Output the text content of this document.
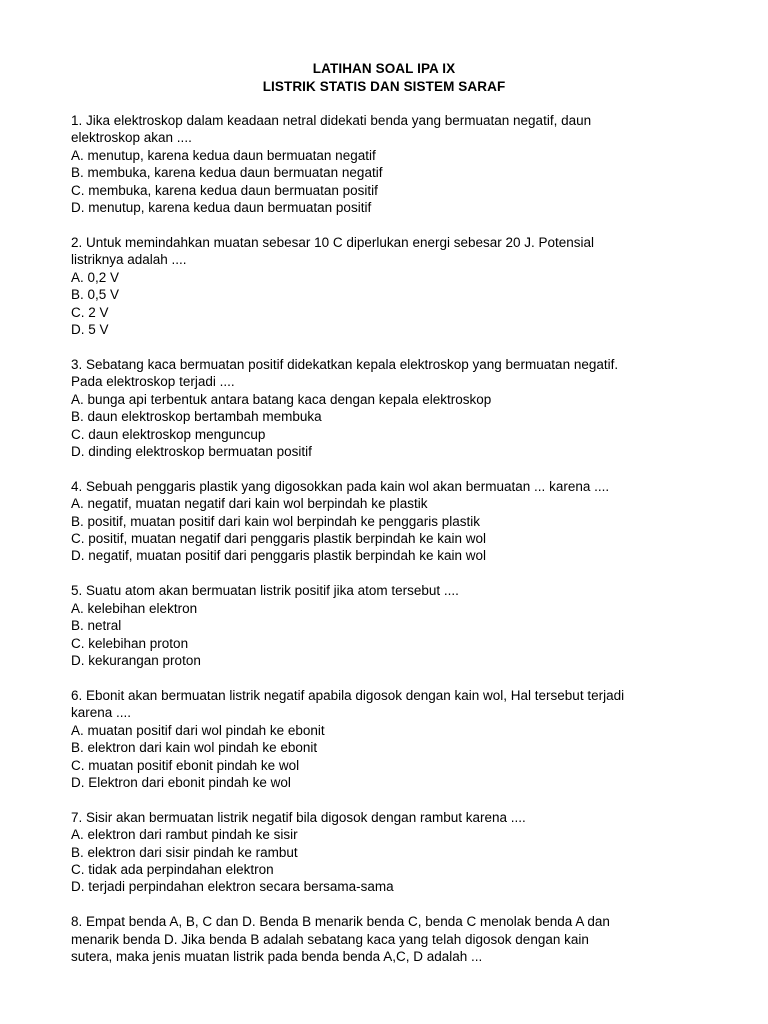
LATIHAN SOAL IPA IX
LISTRIK STATIS DAN SISTEM SARAF
1. Jika elektroskop dalam keadaan netral didekati benda yang bermuatan negatif, daun
elektroskop akan ....
A. menutup, karena kedua daun bermuatan negatif
B. membuka, karena kedua daun bermuatan negatif
C. membuka, karena kedua daun bermuatan positif
D. menutup, karena kedua daun bermuatan positif
2. Untuk memindahkan muatan sebesar 10 C diperlukan energi sebesar 20 J. Potensial
listriknya adalah ....
A. 0,2 V
B. 0,5 V
C. 2 V
D. 5 V
3. Sebatang kaca bermuatan positif didekatkan kepala elektroskop yang bermuatan negatif.
Pada elektroskop terjadi ....
A. bunga api terbentuk antara batang kaca dengan kepala elektroskop
B. daun elektroskop bertambah membuka
C. daun elektroskop menguncup
D. dinding elektroskop bermuatan positif
4. Sebuah penggaris plastik yang digosokkan pada kain wol akan bermuatan ... karena ....
A. negatif, muatan negatif dari kain wol berpindah ke plastik
B. positif, muatan positif dari kain wol berpindah ke penggaris plastik
C. positif, muatan negatif dari penggaris plastik berpindah ke kain wol
D. negatif, muatan positif dari penggaris plastik berpindah ke kain wol
5. Suatu atom akan bermuatan listrik positif jika atom tersebut ....
A. kelebihan elektron
B. netral
C. kelebihan proton
D. kekurangan proton
6. Ebonit akan bermuatan listrik negatif apabila digosok dengan kain wol, Hal tersebut terjadi
karena ....
A. muatan positif dari wol pindah ke ebonit
B. elektron dari kain wol pindah ke ebonit
C. muatan positif ebonit pindah ke wol
D. Elektron dari ebonit pindah ke wol
7. Sisir akan bermuatan listrik negatif bila digosok dengan rambut karena ....
A. elektron dari rambut pindah ke sisir
B. elektron dari sisir pindah ke rambut
C. tidak ada perpindahan elektron
D. terjadi perpindahan elektron secara bersama-sama
8. Empat benda A, B, C dan D. Benda B menarik benda C, benda C menolak benda A dan
menarik benda D. Jika benda B adalah sebatang kaca yang telah digosok dengan kain
sutera, maka jenis muatan listrik pada benda benda A,C, D adalah ...
